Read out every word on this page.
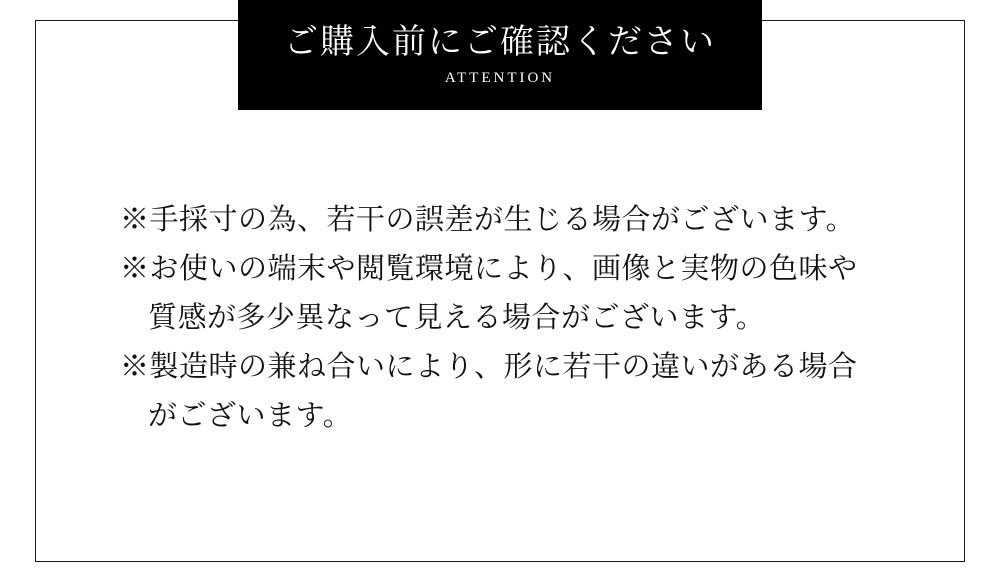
ご購入前にご確認ください
ATTENTION
※手採寸の為、若干の誤差が生じる場合がございます。
※お使いの端末や閲覧環境により、画像と実物の色味や
質感が多少異なって見える場合がございます。
※製造時の兼ね合いにより、形に若干の違いがある場合
がございます。
